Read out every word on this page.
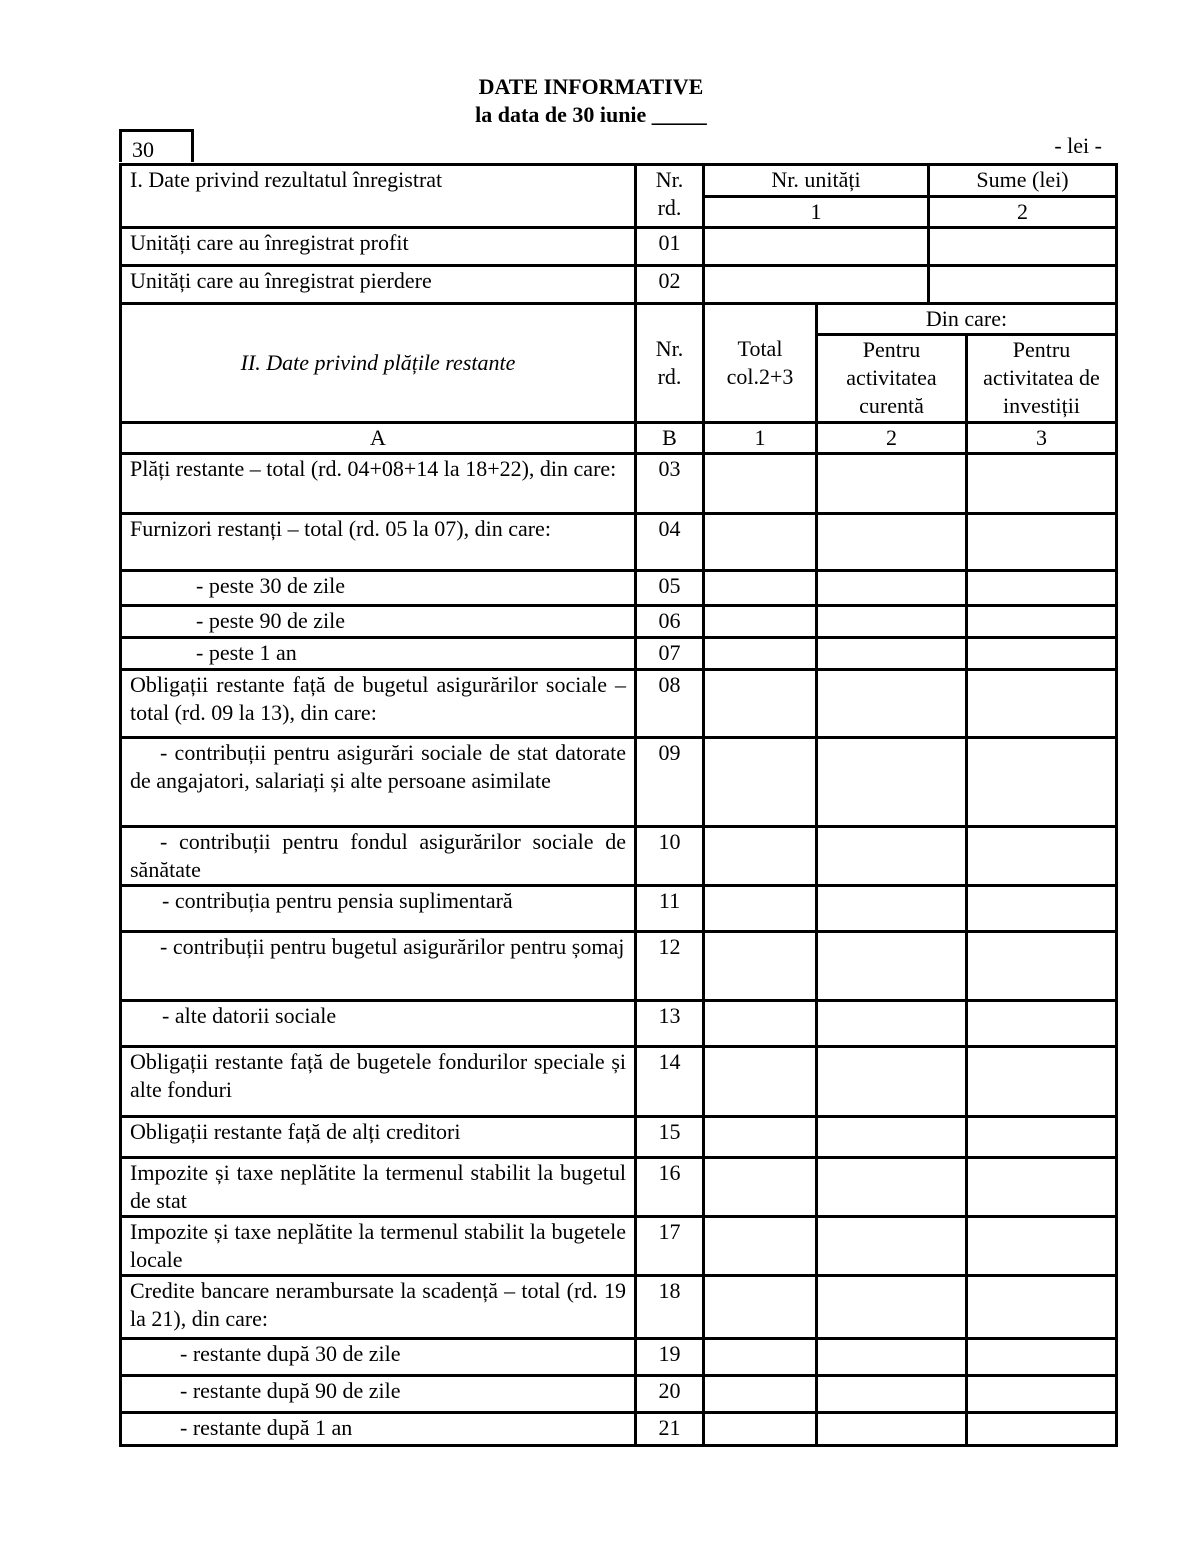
DATE INFORMATIVE
la data de 30 iunie _____
30	- lei -
I. Date privind rezultatul înregistrat	Nr. rd.	Nr. unități		Sume (lei)	
		1		2	
Unități care au înregistrat profit	01				
Unități care au înregistrat pierdere	02				
II. Date privind plățile restante	Nr. rd.	Total col.2+3	Din care:		
			Pentru activitatea curentă		Pentru activitatea de investiții
A	B	1	2		3
Plăți restante – total (rd. 04+08+14 la 18+22), din care:	03				
Furnizori restanți – total (rd. 05 la 07), din care:	04				
- peste 30 de zile	05				
- peste 90 de zile	06				
- peste 1 an	07				
Obligații restante față de bugetul asigurărilor sociale – total (rd. 09 la 13), din care:	08				
- contribuții pentru asigurări sociale de stat datorate de angajatori, salariați și alte persoane asimilate	09				
- contribuții pentru fondul asigurărilor sociale de sănătate	10				
- contribuția pentru pensia suplimentară	11				
- contribuții pentru bugetul asigurărilor pentru șomaj	12				
- alte datorii sociale	13				
Obligații restante față de bugetele fondurilor speciale și alte fonduri	14				
Obligații restante față de alți creditori	15				
Impozite și taxe neplătite la termenul stabilit la bugetul de stat	16				
Impozite și taxe neplătite la termenul stabilit la bugetele locale	17				
Credite bancare nerambursate la scadență – total (rd. 19 la 21), din care:	18				
- restante după 30 de zile	19				
- restante după 90 de zile	20				
- restante după 1 an	21				
